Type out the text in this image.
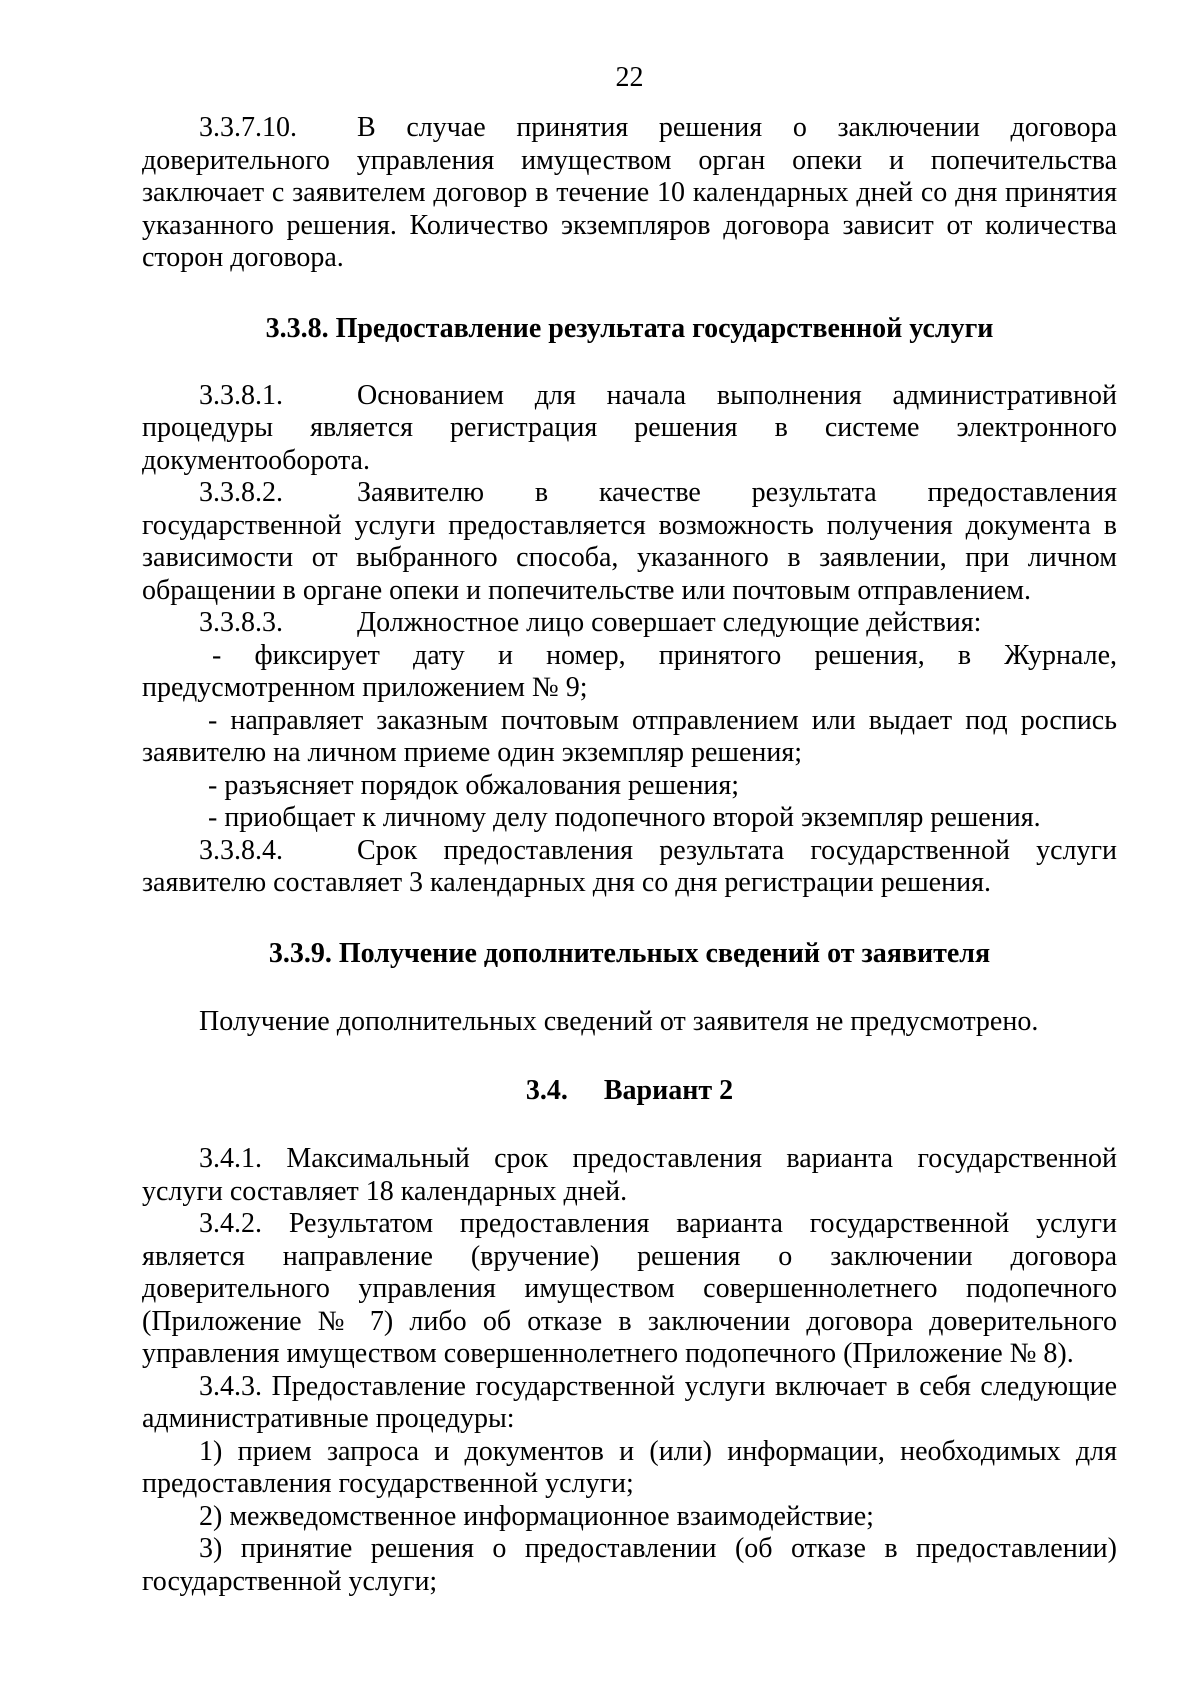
22

3.3.7.10. В случае принятия решения о заключении договора доверительного управления имуществом орган опеки и попечительства заключает с заявителем договор в течение 10 календарных дней со дня принятия указанного решения. Количество экземпляров договора зависит от количества сторон договора.

3.3.8. Предоставление результата государственной услуги

3.3.8.1.	Основанием для начала выполнения административной процедуры является регистрация решения в системе электронного документооборота.

3.3.8.2.	Заявителю в качестве результата предоставления государственной услуги предоставляется возможность получения документа в зависимости от выбранного способа, указанного в заявлении, при личном обращении в органе опеки и попечительстве или почтовым отправлением.

3.3.8.3.	Должностное лицо совершает следующие действия:

- фиксирует дату и номер, принятого решения, в Журнале, предусмотренном приложением № 9;

- направляет заказным почтовым отправлением или выдает под роспись заявителю на личном приеме один экземпляр решения;

- разъясняет порядок обжалования решения;

- приобщает к личному делу подопечного второй экземпляр решения.

3.3.8.4.	Срок предоставления результата государственной услуги заявителю составляет 3 календарных дня со дня регистрации решения.

3.3.9. Получение дополнительных сведений от заявителя

Получение дополнительных сведений от заявителя не предусмотрено.

3.4. Вариант 2

3.4.1. Максимальный срок предоставления варианта государственной услуги составляет 18 календарных дней.

3.4.2. Результатом предоставления варианта государственной услуги является направление (вручение) решения о заключении договора доверительного управления имуществом совершеннолетнего подопечного (Приложение № 7) либо об отказе в заключении договора доверительного управления имуществом совершеннолетнего подопечного (Приложение № 8).

3.4.3. Предоставление государственной услуги включает в себя следующие административные процедуры:

1) прием запроса и документов и (или) информации, необходимых для предоставления государственной услуги;

2) межведомственное информационное взаимодействие;

3) принятие решения о предоставлении (об отказе в предоставлении) государственной услуги;
